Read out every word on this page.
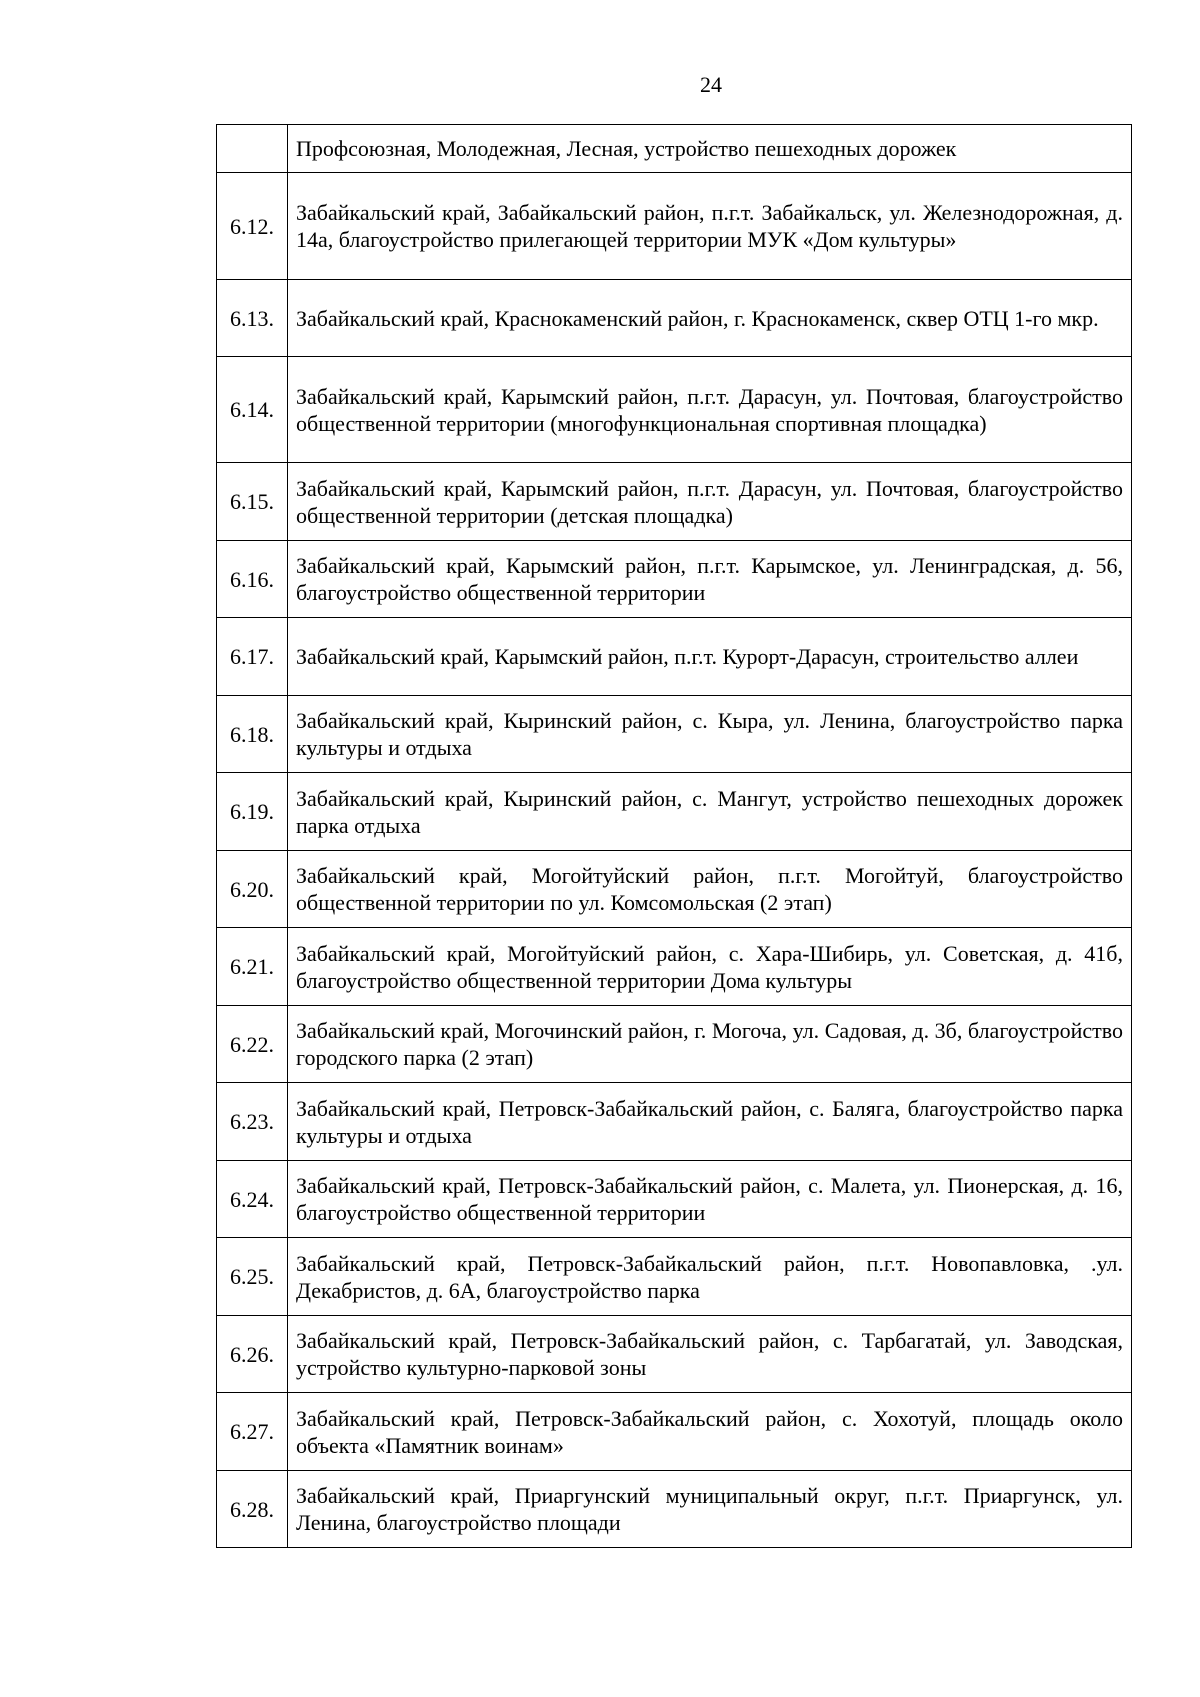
24
	Профсоюзная, Молодежная, Лесная, устройство пешеходных дорожек
6.12.	Забайкальский край, Забайкальский район, п.г.т. Забайкальск, ул. Железнодорожная, д. 14а, благоустройство прилегающей территории МУК «Дом культуры»
6.13.	Забайкальский край, Краснокаменский район, г. Краснокаменск, сквер ОТЦ 1-го мкр.
6.14.	Забайкальский край, Карымский район, п.г.т. Дарасун, ул. Почтовая, благоустройство общественной территории (многофункциональная спортивная площадка)
6.15.	Забайкальский край, Карымский район, п.г.т. Дарасун, ул. Почтовая, благоустройство общественной территории (детская площадка)
6.16.	Забайкальский край, Карымский район, п.г.т. Карымское, ул. Ленинградская, д. 56, благоустройство общественной территории
6.17.	Забайкальский край, Карымский район, п.г.т. Курорт-Дарасун, строительство аллеи
6.18.	Забайкальский край, Кыринский район, с. Кыра, ул. Ленина, благоустройство парка культуры и отдыха
6.19.	Забайкальский край, Кыринский район, с. Мангут, устройство пешеходных дорожек парка отдыха
6.20.	Забайкальский край, Могойтуйский район, п.г.т. Могойтуй, благоустройство общественной территории по ул. Комсомольская (2 этап)
6.21.	Забайкальский край, Могойтуйский район, с. Хара-Шибирь, ул. Советская, д. 41б, благоустройство общественной территории Дома культуры
6.22.	Забайкальский край, Могочинский район, г. Могоча, ул. Садовая, д. 3б, благоустройство городского парка (2 этап)
6.23.	Забайкальский край, Петровск-Забайкальский район, с. Баляга, благоустройство парка культуры и отдыха
6.24.	Забайкальский край, Петровск-Забайкальский район, с. Малета, ул. Пионерская, д. 16, благоустройство общественной территории
6.25.	Забайкальский край, Петровск-Забайкальский район, п.г.т. Новопавловка, .ул. Декабристов, д. 6А, благоустройство парка
6.26.	Забайкальский край, Петровск-Забайкальский район, с. Тарбагатай, ул. Заводская, устройство культурно-парковой зоны
6.27.	Забайкальский край, Петровск-Забайкальский район, с. Хохотуй, площадь около объекта «Памятник воинам»
6.28.	Забайкальский край, Приаргунский муниципальный округ, п.г.т. Приаргунск, ул. Ленина, благоустройство площади
